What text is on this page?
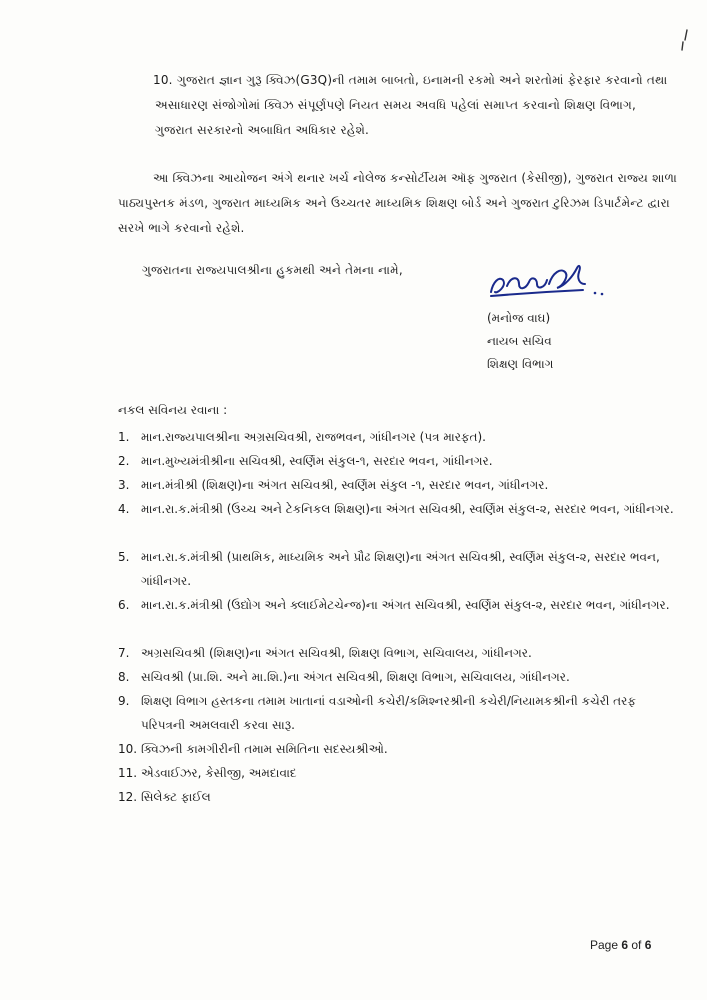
10. ગુજરાત જ્ઞાન ગુરૂ ક્વિઝ(G3Q)ની તમામ બાબતો, ઇનામની રકમો અને શરતોમાં ફેરફાર કરવાનો તથા અસાધારણ સંજોગોમાં ક્વિઝ સંપૂર્ણપણે નિયત સમય અવધિ પહેલાં સમાપ્ત કરવાનો શિક્ષણ વિભાગ, ગુજરાત સરકારનો અબાધિત અધિકાર રહેશે.

આ ક્વિઝના આયોજન અંગે થનાર ખર્ચ નોલેજ કન્સોર્ટીયમ ઑફ ગુજરાત (કેસીજી), ગુજરાત રાજ્ય શાળા પાઠ્યપુસ્તક મંડળ, ગુજરાત માધ્યમિક અને ઉચ્ચતર માધ્યમિક શિક્ષણ બોર્ડ અને ગુજરાત ટુરિઝમ ડિપાર્ટમેન્ટ દ્વારા સરખે ભાગે કરવાનો રહેશે.

ગુજરાતના રાજ્યપાલશ્રીના હુકમથી અને તેમના નામે,

(મનોજ વાઘ)
નાયબ સચિવ
શિક્ષણ વિભાગ
નકલ સવિનય રવાના :
1. માન.રાજ્યપાલશ્રીના અગ્રસચિવશ્રી, રાજભવન, ગાંધીનગર (પત્ર મારફત).
2. માન.મુખ્યમંત્રીશ્રીના સચિવશ્રી, સ્વર્ણિમ સંકુલ-૧, સરદાર ભવન, ગાંધીનગર.
3. માન.મંત્રીશ્રી (શિક્ષણ)ના અંગત સચિવશ્રી, સ્વર્ણિમ સંકુલ -૧, સરદાર ભવન, ગાંધીનગર.
4. માન.રા.ક.મંત્રીશ્રી (ઉચ્ચ અને ટેકનિકલ શિક્ષણ)ના અંગત સચિવશ્રી, સ્વર્ણિમ સંકુલ-૨, સરદાર ભવન, ગાંધીનગર.
5. માન.રા.ક.મંત્રીશ્રી (પ્રાથમિક, માધ્યમિક અને પ્રૌઢ શિક્ષણ)ના અંગત સચિવશ્રી, સ્વર્ણિમ સંકુલ-૨, સરદાર ભવન, ગાંધીનગર.
6. માન.રા.ક.મંત્રીશ્રી (ઉદ્યોગ અને ક્લાઈમેટચેન્જ)ના અંગત સચિવશ્રી, સ્વર્ણિમ સંકુલ-૨, સરદાર ભવન, ગાંધીનગર.
7. અગ્રસચિવશ્રી (શિક્ષણ)ના અંગત સચિવશ્રી, શિક્ષણ વિભાગ, સચિવાલય, ગાંધીનગર.
8. સચિવશ્રી (પ્રા.શિ. અને મા.શિ.)ના અંગત સચિવશ્રી, શિક્ષણ વિભાગ, સચિવાલય, ગાંધીનગર.
9. શિક્ષણ વિભાગ હસ્તકના તમામ ખાતાનાં વડાઓની કચેરી/કમિશ્નરશ્રીની કચેરી/નિયામકશ્રીની કચેરી તરફ પરિપત્રની અમલવારી કરવા સારૂ.
10. ક્વિઝની કામગીરીની તમામ સમિતિના સદસ્યશ્રીઓ.
11. એડવાઈઝર, કેસીજી, અમદાવાદ
12. સિલેક્ટ ફાઈલ
Page 6 of 6
